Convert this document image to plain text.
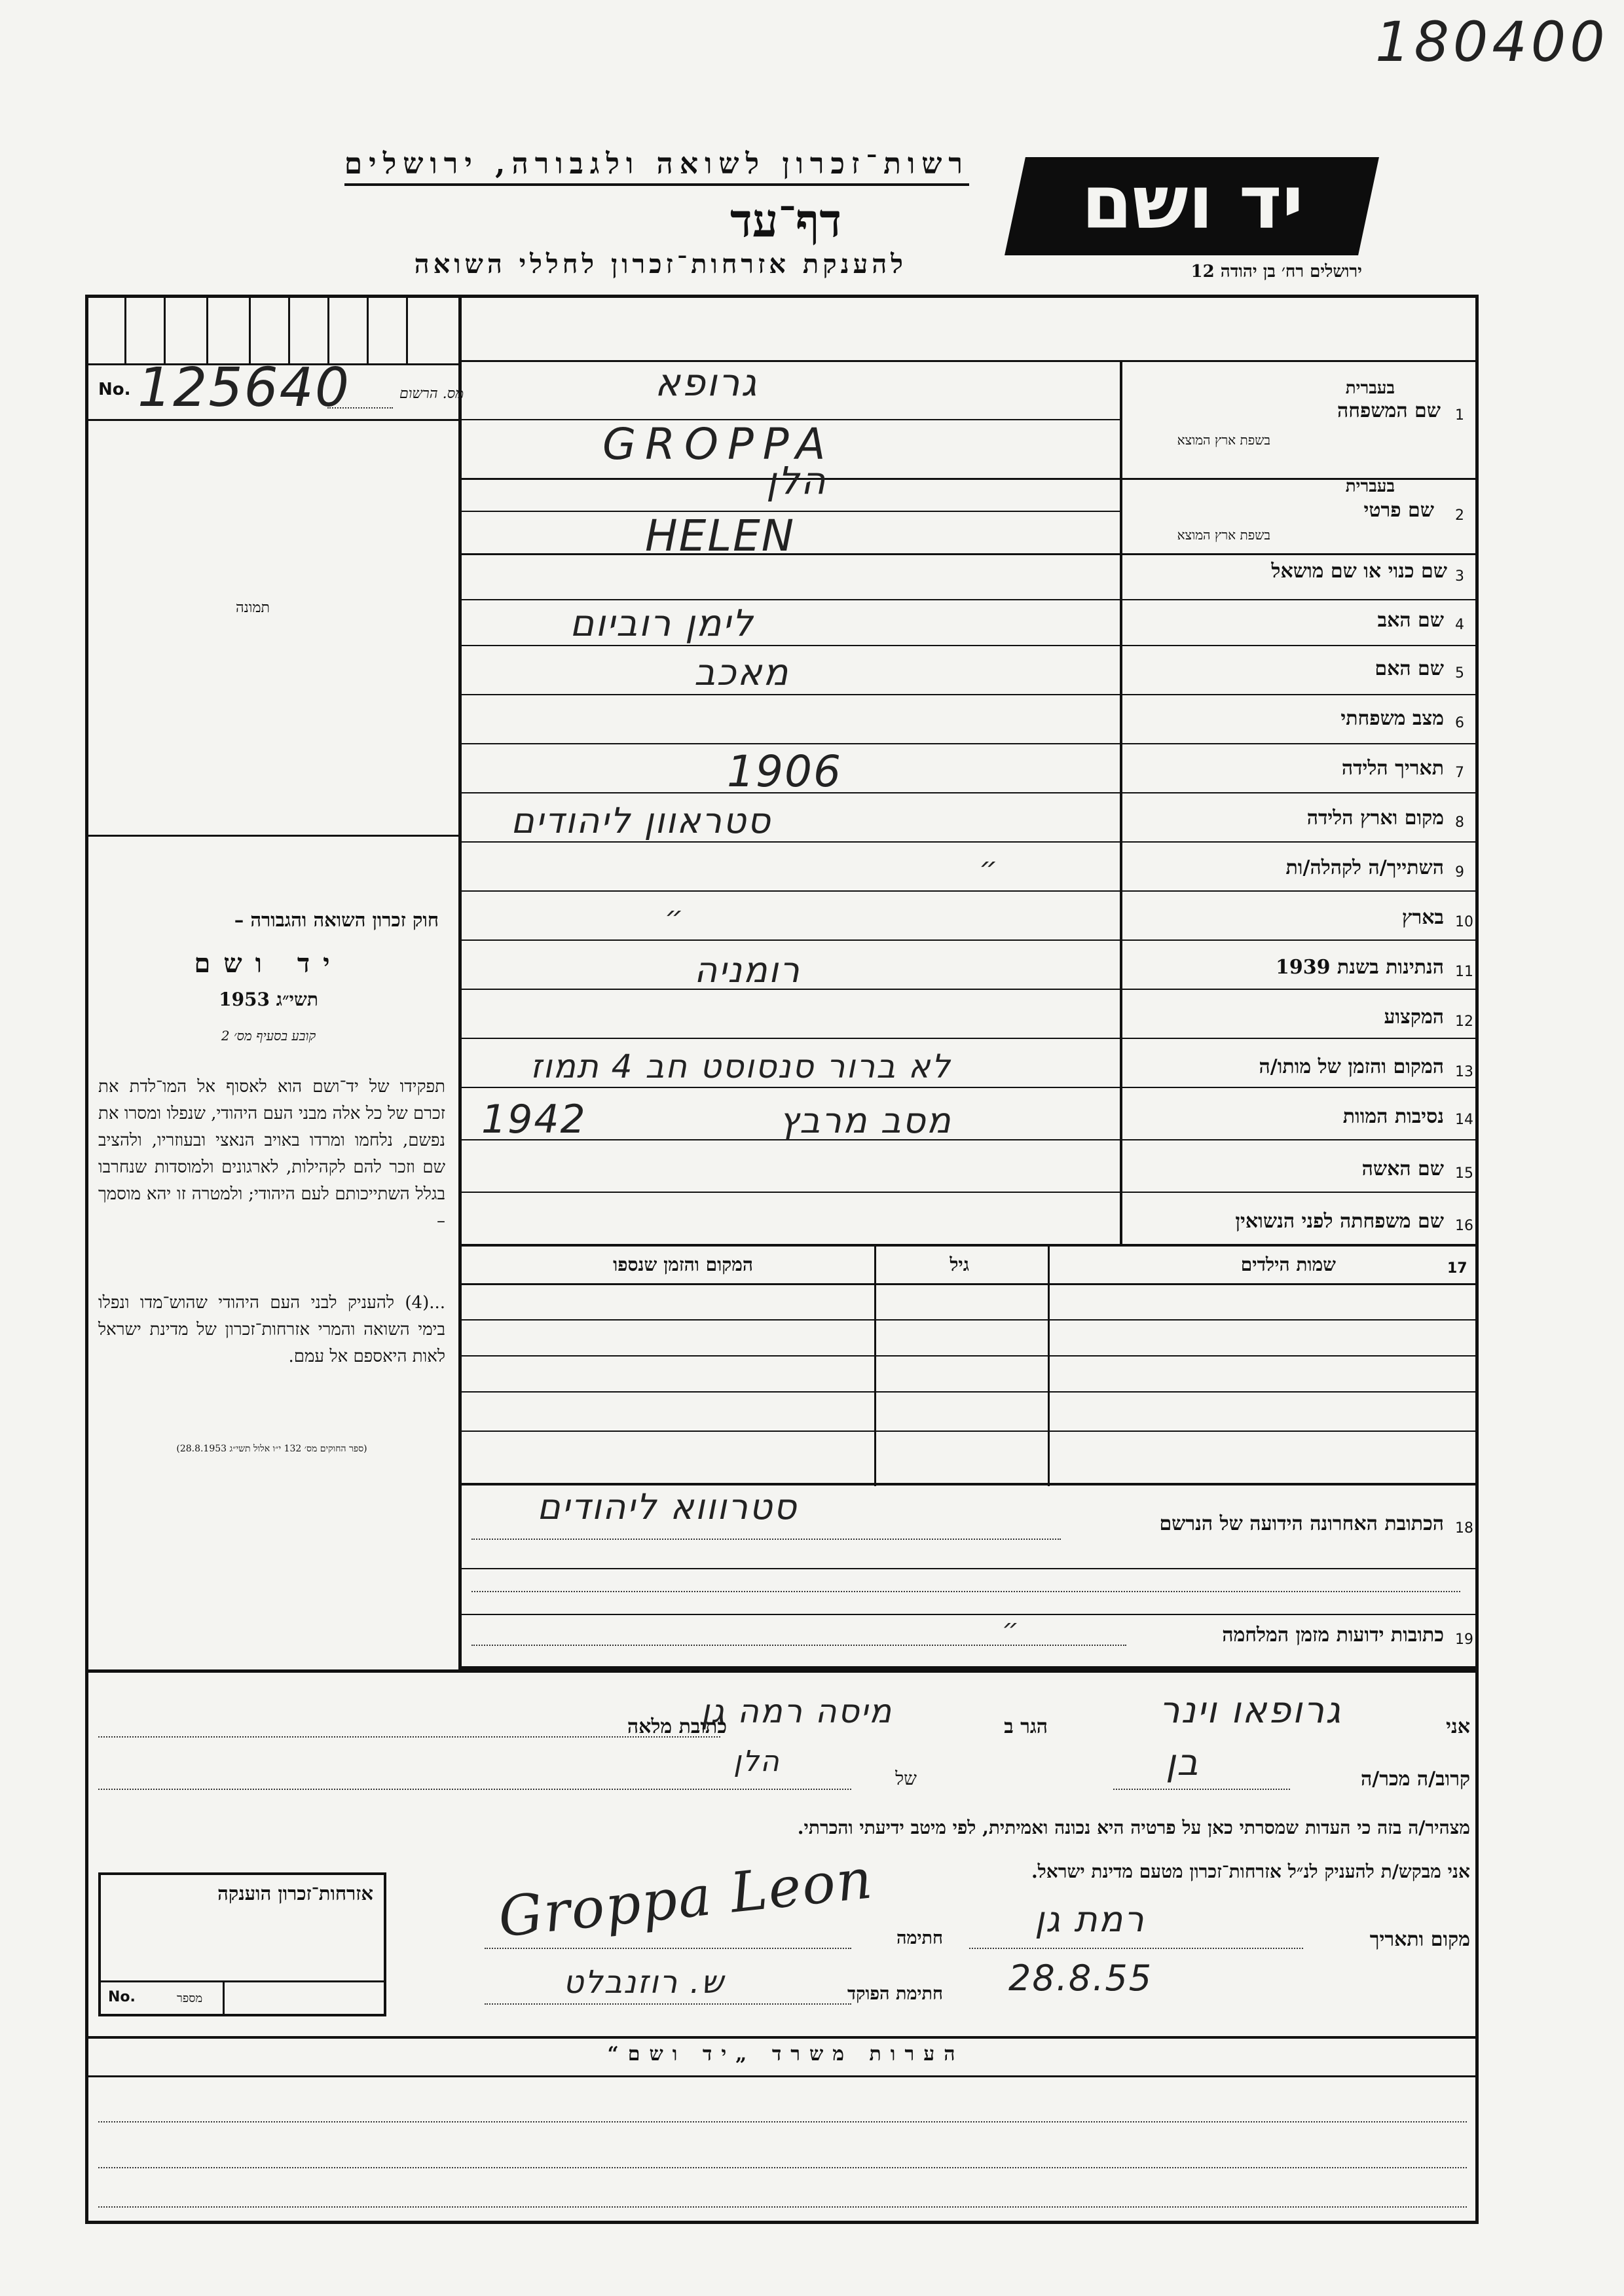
180400
רשות־זכרון לשואה ולגבורה, ירושלים
דף־עד
להענקת אזרחות־זכרון לחללי השואה
יד ושם
ירושלים רח׳ בן יהודה 12
No. 125640	מס. הרשום
תמונה
חוק זכרון השואה והגבורה –
יד ושם
תשי״ג 1953
קובע בסעיף מס׳ 2
תפקידו של יד־ושם הוא לאסוף אל המו־לדת את זכרם של כל אלה מבני העם היהודי, שנפלו ומסרו את נפשם, נלחמו ומרדו באויב הנאצי ובעוזריו, ולהציב שם וזכר להם לקהילות, לארגונים ולמוסדות שנחרבו בגלל השתייכותם לעם היהודי; ולמטרה זו יהא מוסמך –
...(4) להעניק לבני העם היהודי שהוש־מדו ונפלו בימי השואה והמרי אזרחות־זכרון של מדינת ישראל לאות היאספם אל עמם.
(ספר החוקים מס׳ 132 י״ו אלול תשי״ג 28.8.1953)
1
שם המשפחה
בעברית
בשפת ארץ המוצא
גרופא
GROPPA
2
שם פרטי
בעברית
בשפת ארץ המוצא
הלן
HELEN
3
שם כנוי או שם מושאל
4
שם האב
לימן רוביום
5
שם האם
מאכב
6
מצב משפחתי
7
תאריך הלידה
1906
8
מקום וארץ הלידה
סטראוון ליהודים
9
השתייך/ה לקהלה/ות
״
10
בארץ
״
11
הנתינות בשנת 1939
רומניה
12
המקצוע
13
המקום והזמן של מותו/ה
לא ברור סנסוסט חב 4 תמוז
14
נסיבות המוות
מסב מרבץ
1942
15
שם האשה
16
שם משפחתה לפני הנשואין
17
שמות הילדים
גיל
המקום והזמן שנספו
18
הכתובת האחרונה הידועה של הנרשם
סטרוווא ליהודים
19
כתובות ידועות מזמן המלחמה
״
אני
גרופאו וינר
הגר ב
מיסה רמה גן
כתובת מלאה
קרוב/ה מכר/ה
בן
של
הלן
מצהיר/ה בזה כי העדות שמסרתי כאן על פרטיה היא נכונה ואמיתית, לפי מיטב ידיעתי והכרתי.
אני מבקש/ת להעניק לנ״ל אזרחות־זכרון מטעם מדינת ישראל.
מקום ותאריך
רמת גן
28.8.55
חתימה
Groppa Leon
חתימת הפוקד
ש. רוזנבלט
אזרחות־זכרון הוענקה
No.	מספר
הערות משרד „יד ושם“
